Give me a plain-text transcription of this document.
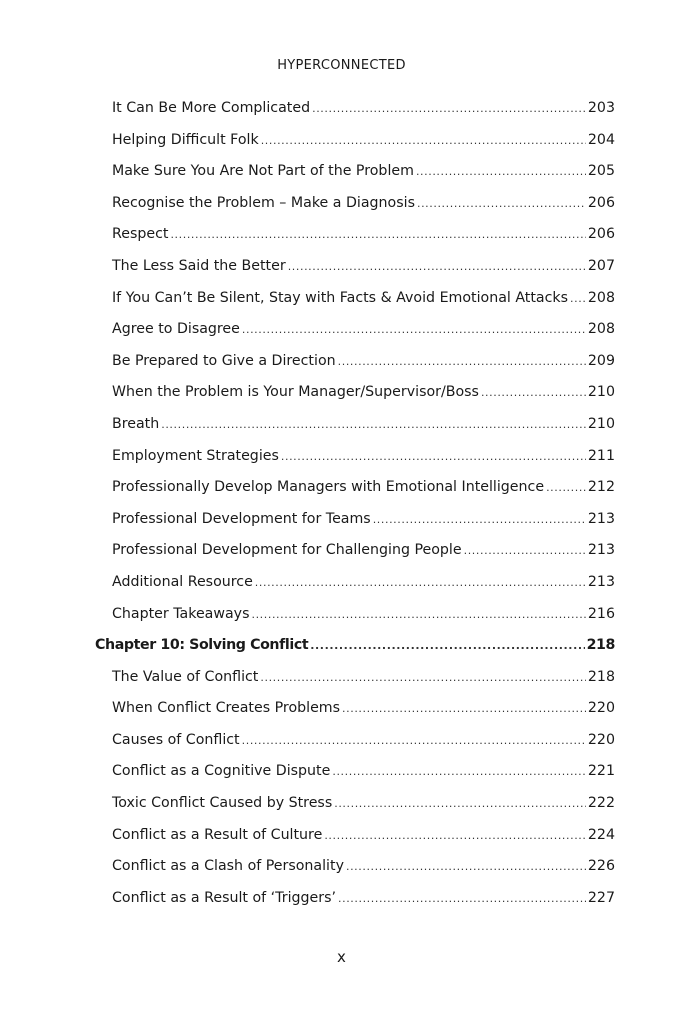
HYPERCONNECTED
It Can Be More Complicated .....	203
Helping Difficult Folk .....	204
Make Sure You Are Not Part of the Problem .....	205
Recognise the Problem – Make a Diagnosis .....	206
Respect .....	206
The Less Said the Better .....	207
If You Can’t Be Silent, Stay with Facts & Avoid Emotional Attacks ..... 208
Agree to Disagree .....	208
Be Prepared to Give a Direction .....	209
When the Problem is Your Manager/Supervisor/Boss .....	210
Breath .....	210
Employment Strategies .....	211
Professionally Develop Managers with Emotional Intelligence .....	212
Professional Development for Teams .....	213
Professional Development for Challenging People .....	213
Additional Resource .....	213
Chapter Takeaways .....	216
Chapter 10: Solving Conflict .....	218
The Value of Conflict .....	218
When Conflict Creates Problems .....	220
Causes of Conflict .....	220
Conflict as a Cognitive Dispute .....	221
Toxic Conflict Caused by Stress .....	222
Conflict as a Result of Culture .....	224
Conflict as a Clash of Personality .....	226
Conflict as a Result of ‘Triggers’ .....	227
x
